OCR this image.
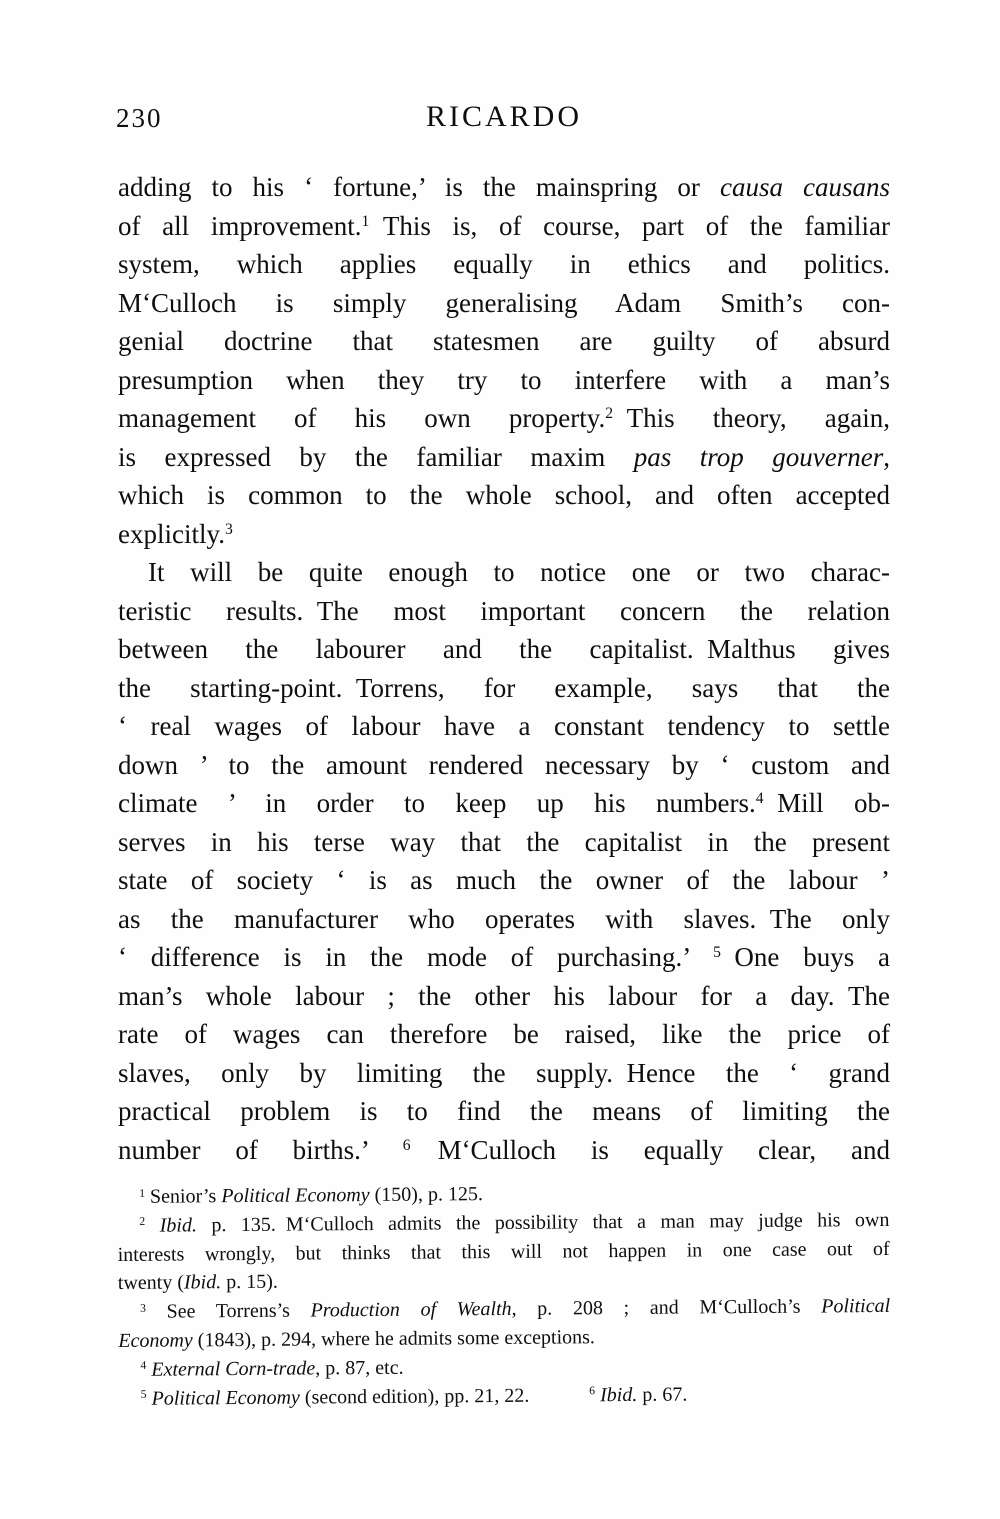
230	RICARDO
adding to his ‘ fortune,’ is the mainspring or causa causans
of all improvement.$^1$ This is, of course, part of the familiar
system, which applies equally in ethics and politics.
M‘Culloch is simply generalising Adam Smith’s con-
genial doctrine that statesmen are guilty of absurd
presumption when they try to interfere with a man’s
management of his own property.$^2$ This theory, again,
is expressed by the familiar maxim pas trop gouverner,
which is common to the whole school, and often accepted
explicitly.$^3$
It will be quite enough to notice one or two charac-
teristic results. The most important concern the relation
between the labourer and the capitalist. Malthus gives
the starting-point. Torrens, for example, says that the
‘ real wages of labour have a constant tendency to settle
down ’ to the amount rendered necessary by ‘ custom and
climate ’ in order to keep up his numbers.$^4$ Mill ob-
serves in his terse way that the capitalist in the present
state of society ‘ is as much the owner of the labour ’
as the manufacturer who operates with slaves. The only
‘ difference is in the mode of purchasing.’ $^5$ One buys a
man’s whole labour ; the other his labour for a day. The
rate of wages can therefore be raised, like the price of
slaves, only by limiting the supply. Hence the ‘ grand
practical problem is to find the means of limiting the
number of births.’ $^6$  M‘Culloch is equally clear, and
$^1$ Senior’s Political Economy (150), p. 125.
$^2$ Ibid. p. 135. M‘Culloch admits the possibility that a man may judge his own
interests wrongly, but thinks that this will not happen in one case out of
twenty (Ibid. p. 15).
$^3$ See Torrens’s Production of Wealth, p. 208 ; and M‘Culloch’s Political
Economy (1843), p. 294, where he admits some exceptions.
$^4$ External Corn-trade, p. 87, etc.
$^5$ Political Economy (second edition), pp. 21, 22.   $^6$ Ibid. p. 67.
